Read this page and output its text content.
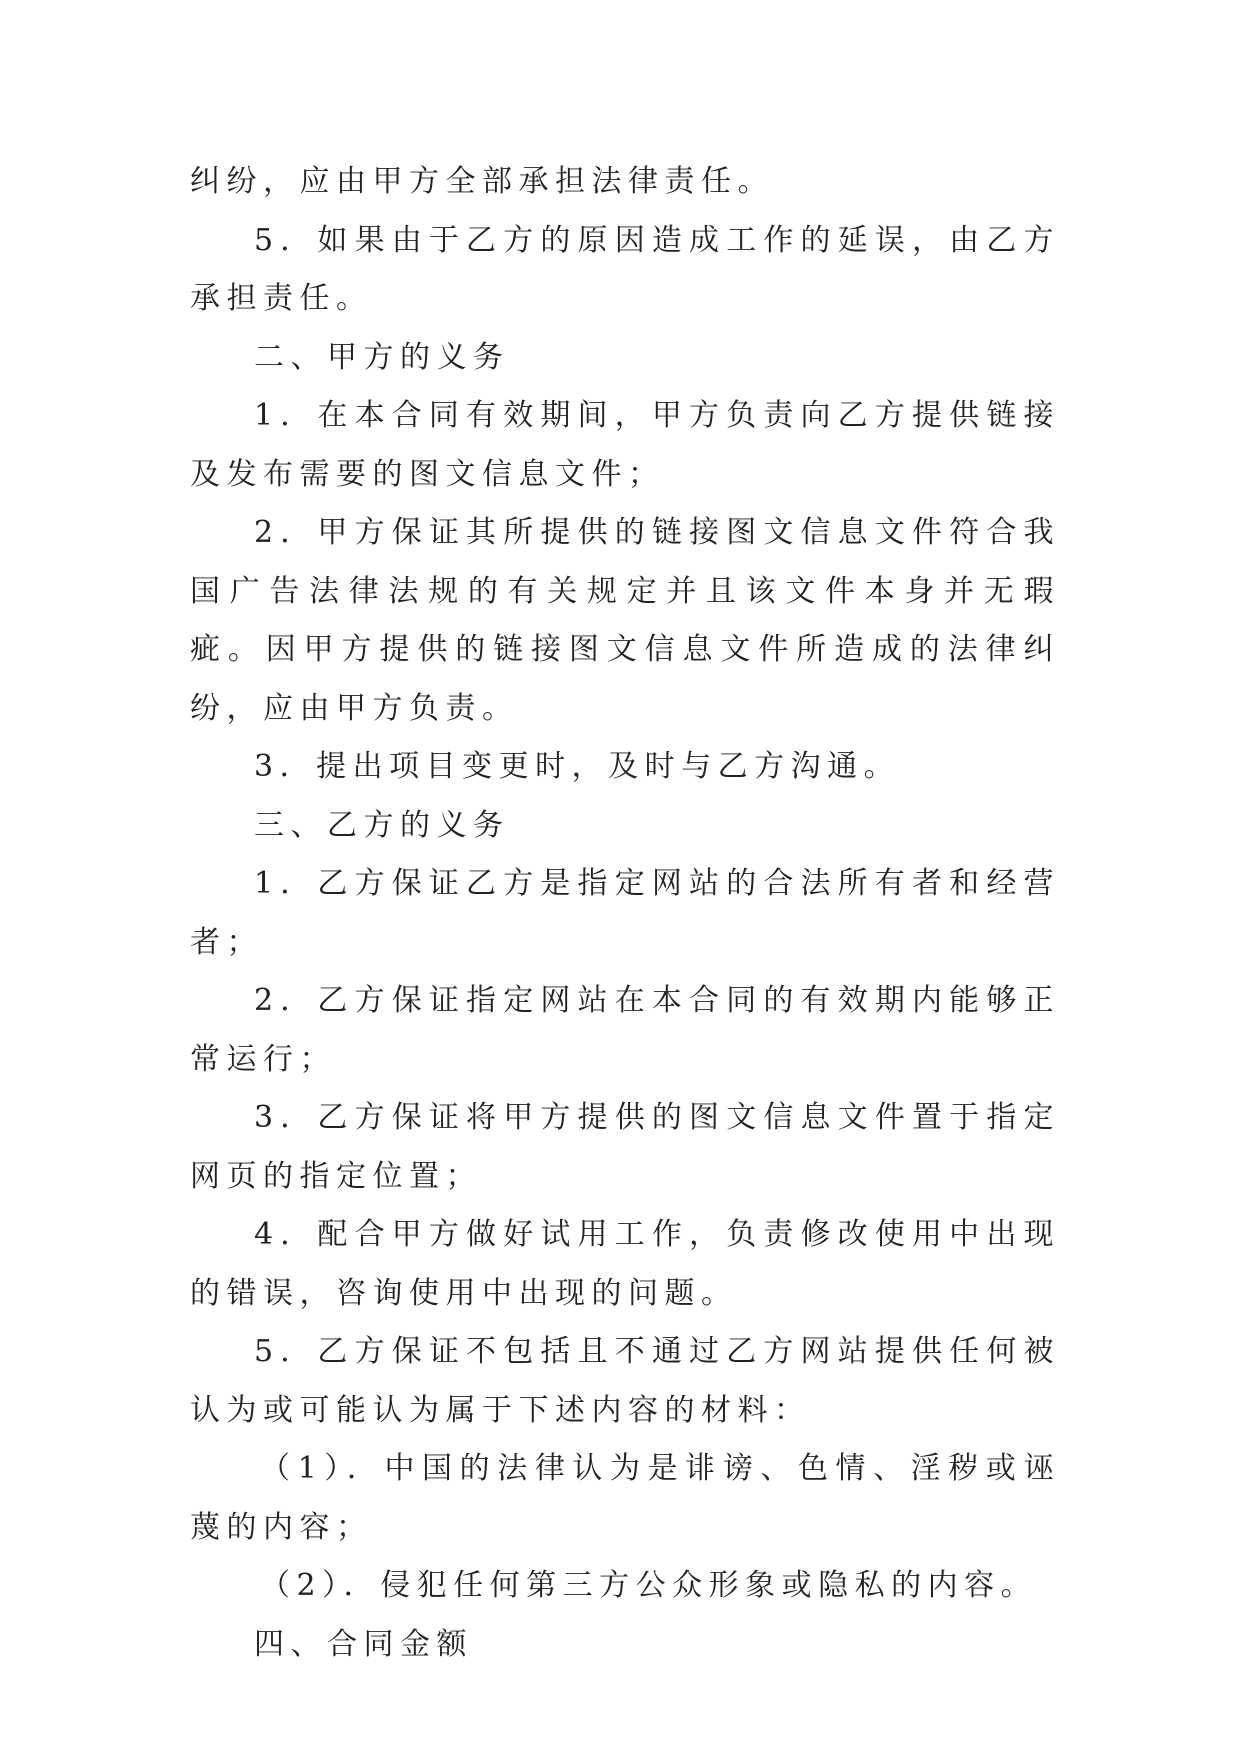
纠纷，应由甲方全部承担法律责任。

5．如果由于乙方的原因造成工作的延误，由乙方承担责任。

二、甲方的义务

1．在本合同有效期间，甲方负责向乙方提供链接及发布需要的图文信息文件；

2．甲方保证其所提供的链接图文信息文件符合我国广告法律法规的有关规定并且该文件本身并无瑕疵。因甲方提供的链接图文信息文件所造成的法律纠纷，应由甲方负责。

3．提出项目变更时，及时与乙方沟通。

三、乙方的义务

1．乙方保证乙方是指定网站的合法所有者和经营者；

2．乙方保证指定网站在本合同的有效期内能够正常运行；

3．乙方保证将甲方提供的图文信息文件置于指定网页的指定位置；

4．配合甲方做好试用工作，负责修改使用中出现的错误，咨询使用中出现的问题。

5．乙方保证不包括且不通过乙方网站提供任何被认为或可能认为属于下述内容的材料：

（1）．中国的法律认为是诽谤、色情、淫秽或诬蔑的内容；

（2）．侵犯任何第三方公众形象或隐私的内容。

四、合同金额
